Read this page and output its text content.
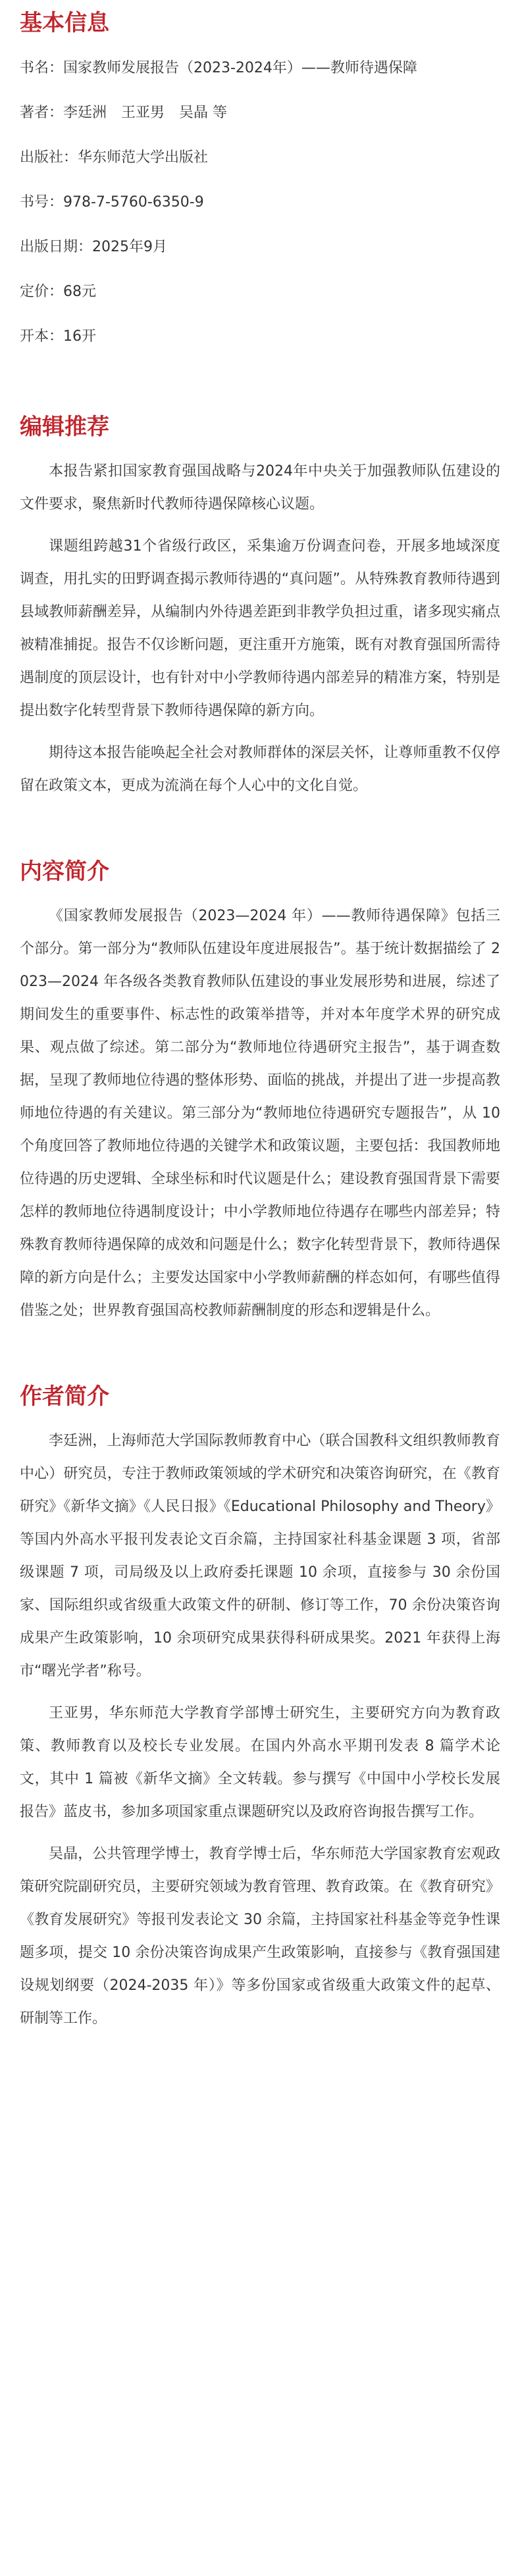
基本信息
书名：国家教师发展报告（2023-2024年）——教师待遇保障
著者：李廷洲　王亚男　吴晶 等
出版社：华东师范大学出版社
书号：978-7-5760-6350-9
出版日期：2025年9月
定价：68元
开本：16开
编辑推荐

本报告紧扣国家教育强国战略与2024年中央关于加强教师队伍建设的文件要求，聚焦新时代教师待遇保障核心议题。

课题组跨越31个省级行政区，采集逾万份调查问卷，开展多地域深度调查，用扎实的田野调查揭示教师待遇的“真问题”。从特殊教育教师待遇到县域教师薪酬差异，从编制内外待遇差距到非教学负担过重，诸多现实痛点被精准捕捉。报告不仅诊断问题，更注重开方施策，既有对教育强国所需待遇制度的顶层设计，也有针对中小学教师待遇内部差异的精准方案，特别是提出数字化转型背景下教师待遇保障的新方向。

期待这本报告能唤起全社会对教师群体的深层关怀，让尊师重教不仅停留在政策文本，更成为流淌在每个人心中的文化自觉。

内容简介

《国家教师发展报告（2023—2024 年）——教师待遇保障》包括三个部分。第一部分为“教师队伍建设年度进展报告”。基于统计数据描绘了 2023—2024 年各级各类教育教师队伍建设的事业发展形势和进展，综述了期间发生的重要事件、标志性的政策举措等，并对本年度学术界的研究成果、观点做了综述。第二部分为“教师地位待遇研究主报告”，基于调查数据，呈现了教师地位待遇的整体形势、面临的挑战，并提出了进一步提高教师地位待遇的有关建议。第三部分为“教师地位待遇研究专题报告”，从 10 个角度回答了教师地位待遇的关键学术和政策议题，主要包括：我国教师地位待遇的历史逻辑、全球坐标和时代议题是什么；建设教育强国背景下需要怎样的教师地位待遇制度设计；中小学教师地位待遇存在哪些内部差异；特殊教育教师待遇保障的成效和问题是什么；数字化转型背景下，教师待遇保障的新方向是什么；主要发达国家中小学教师薪酬的样态如何，有哪些值得借鉴之处；世界教育强国高校教师薪酬制度的形态和逻辑是什么。

作者简介

李廷洲，上海师范大学国际教师教育中心（联合国教科文组织教师教育中心）研究员，专注于教师政策领域的学术研究和决策咨询研究，在《教育研究》《新华文摘》《人民日报》《Educational Philosophy and Theory》等国内外高水平报刊发表论文百余篇，主持国家社科基金课题 3 项，省部级课题 7 项，司局级及以上政府委托课题 10 余项，直接参与 30 余份国家、国际组织或省级重大政策文件的研制、修订等工作，70 余份决策咨询成果产生政策影响，10 余项研究成果获得科研成果奖。2021 年获得上海市“曙光学者”称号。

王亚男，华东师范大学教育学部博士研究生，主要研究方向为教育政策、教师教育以及校长专业发展。在国内外高水平期刊发表 8 篇学术论文，其中 1 篇被《新华文摘》全文转载。参与撰写《中国中小学校长发展报告》蓝皮书，参加多项国家重点课题研究以及政府咨询报告撰写工作。

吴晶，公共管理学博士，教育学博士后，华东师范大学国家教育宏观政策研究院副研究员，主要研究领域为教育管理、教育政策。在《教育研究》《教育发展研究》等报刊发表论文 30 余篇，主持国家社科基金等竞争性课题多项，提交 10 余份决策咨询成果产生政策影响，直接参与《教育强国建设规划纲要（2024-2035 年）》等多份国家或省级重大政策文件的起草、研制等工作。
